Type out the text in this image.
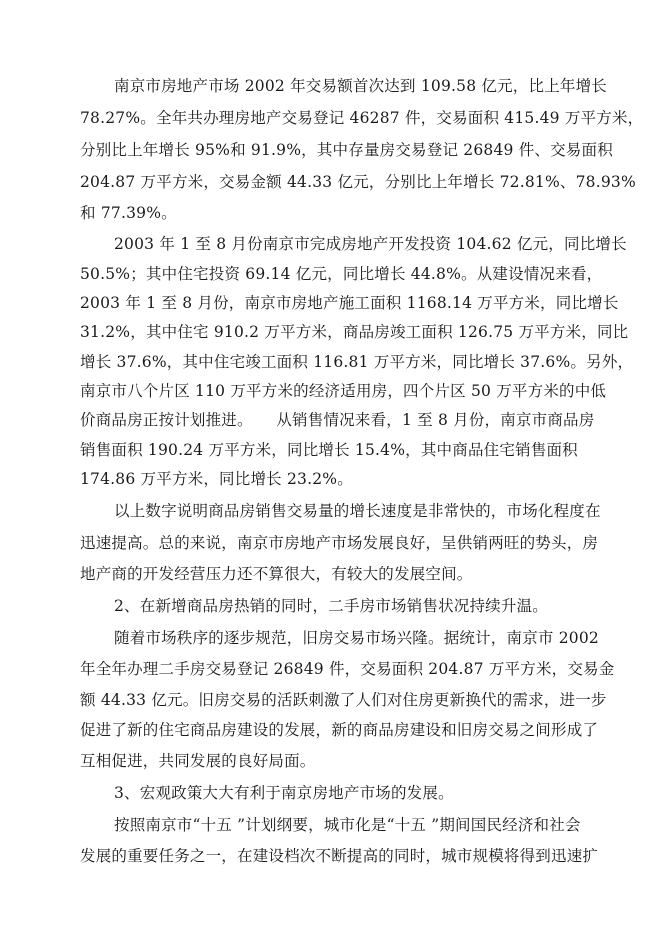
南京市房地产市场 2002 年交易额首次达到 109.58 亿元，比上年增长
78.27%。全年共办理房地产交易登记 46287 件，交易面积 415.49 万平方米，
分别比上年增长 95%和 91.9%，其中存量房交易登记 26849 件、交易面积
204.87 万平方米，交易金额 44.33 亿元，分别比上年增长 72.81%、78.93%
和 77.39%。
2003 年 1 至 8 月份南京市完成房地产开发投资 104.62 亿元，同比增长
50.5%；其中住宅投资 69.14 亿元，同比增长 44.8%。从建设情况来看，
2003 年 1 至 8 月份，南京市房地产施工面积 1168.14 万平方米，同比增长
31.2%，其中住宅 910.2 万平方米，商品房竣工面积 126.75 万平方米，同比
增长 37.6%，其中住宅竣工面积 116.81 万平方米，同比增长 37.6%。另外，
南京市八个片区 110 万平方米的经济适用房，四个片区 50 万平方米的中低
价商品房正按计划推进。　　从销售情况来看，1 至 8 月份，南京市商品房
销售面积 190.24 万平方米，同比增长 15.4%，其中商品住宅销售面积
174.86 万平方米，同比增长 23.2%。
以上数字说明商品房销售交易量的增长速度是非常快的，市场化程度在
迅速提高。总的来说，南京市房地产市场发展良好，呈供销两旺的势头，房
地产商的开发经营压力还不算很大，有较大的发展空间。
2、在新增商品房热销的同时，二手房市场销售状况持续升温。
随着市场秩序的逐步规范，旧房交易市场兴隆。据统计，南京市 2002
年全年办理二手房交易登记 26849 件，交易面积 204.87 万平方米，交易金
额 44.33 亿元。旧房交易的活跃刺激了人们对住房更新换代的需求，进一步
促进了新的住宅商品房建设的发展，新的商品房建设和旧房交易之间形成了
互相促进，共同发展的良好局面。
3、宏观政策大大有利于南京房地产市场的发展。
按照南京市“十五 ”计划纲要，城市化是“十五 ”期间国民经济和社会
发展的重要任务之一，在建设档次不断提高的同时，城市规模将得到迅速扩
